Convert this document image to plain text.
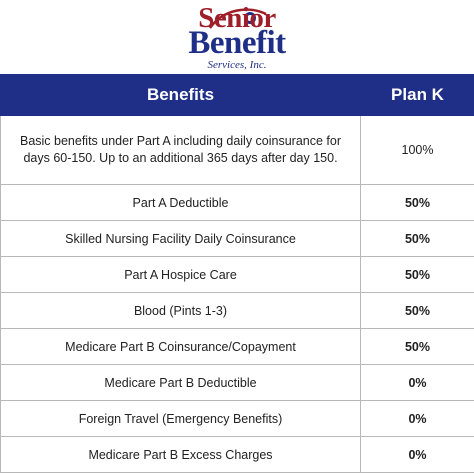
Senior
Benefit
Services, Inc.
Benefits	Plan K
Basic benefits under Part A including daily coinsurance for days 60-150. Up to an additional 365 days after day 150.	100%
Part A Deductible	50%
Skilled Nursing Facility Daily Coinsurance	50%
Part A Hospice Care	50%
Blood (Pints 1-3)	50%
Medicare Part B Coinsurance/Copayment	50%
Medicare Part B Deductible	0%
Foreign Travel (Emergency Benefits)	0%
Medicare Part B Excess Charges	0%
